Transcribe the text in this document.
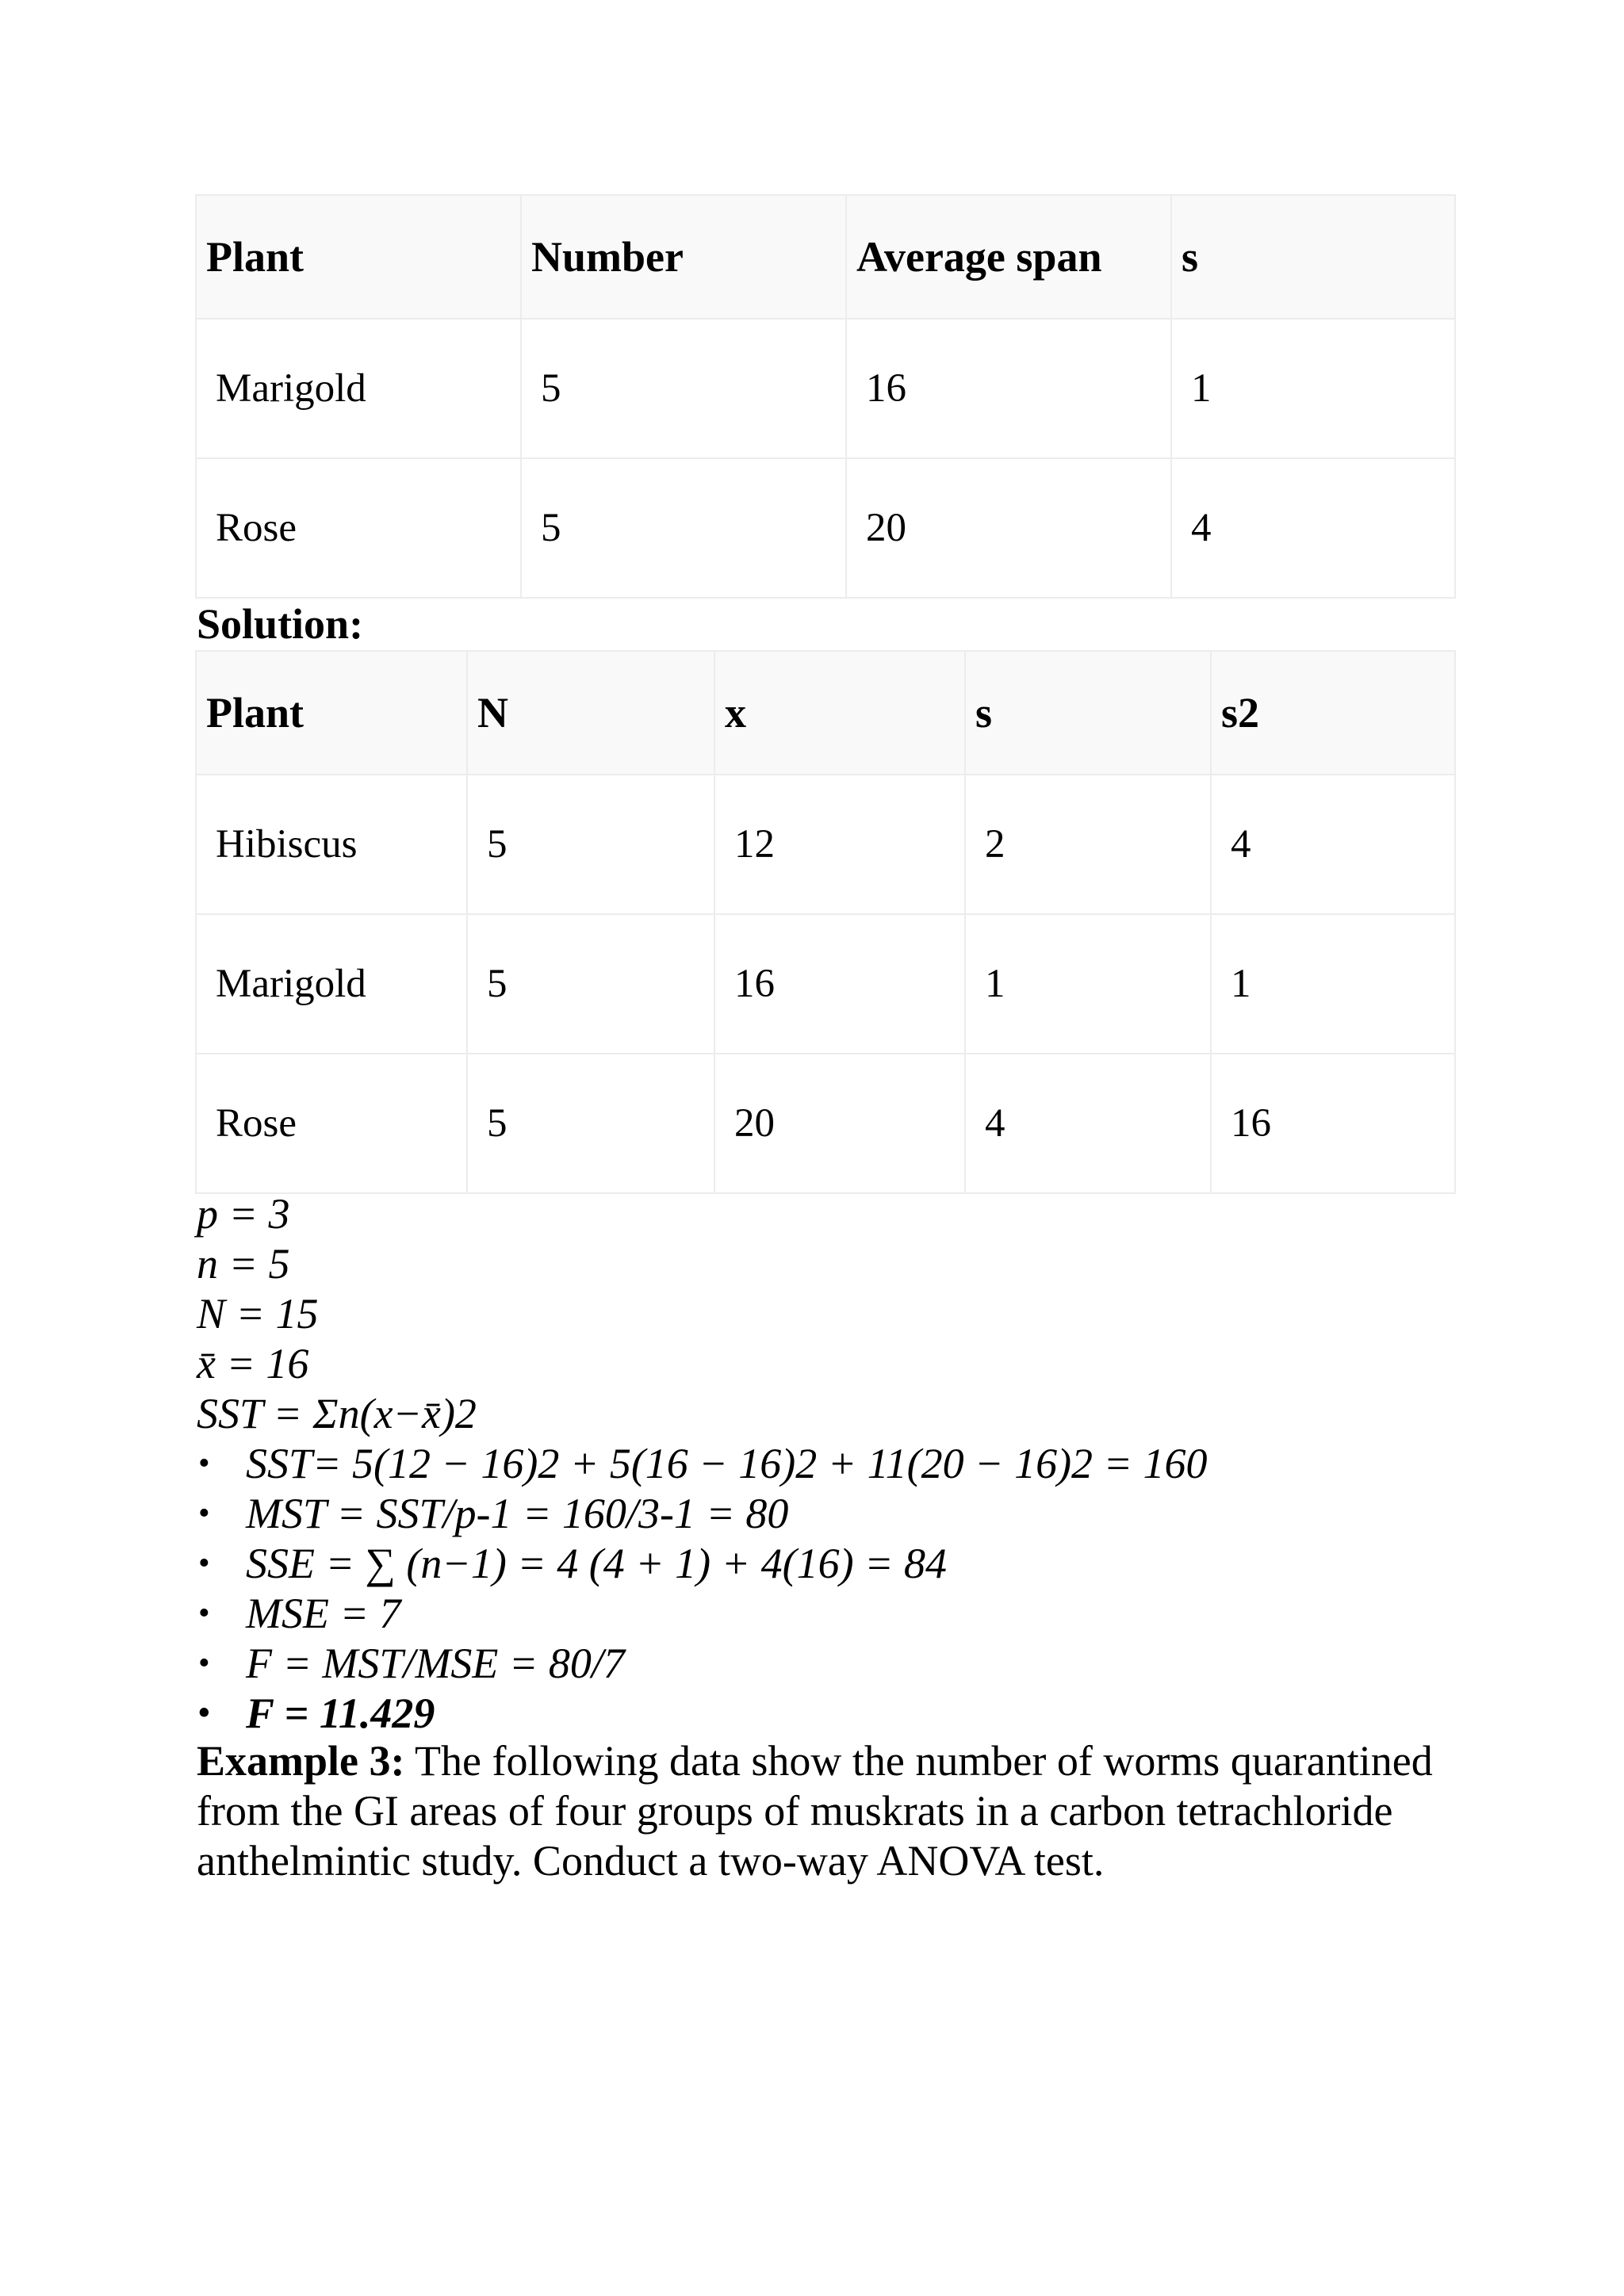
Plant	Number	Average span	s
Marigold	5	16	1
Rose	5	20	4
Solution:
Plant	N	x	s	s2
Hibiscus	5	12	2	4
Marigold	5	16	1	1
Rose	5	20	4	16
p = 3
n = 5
N = 15
x̄ = 16
SST = Σn(x−x̄)2
• SST= 5(12 − 16)2 + 5(16 − 16)2 + 11(20 − 16)2 = 160
• MST = SST/p-1 = 160/3-1 = 80
• SSE = ∑ (n−1) = 4 (4 + 1) + 4(16) = 84
• MSE = 7
• F = MST/MSE = 80/7
• F = 11.429

Example 3: The following data show the number of worms quarantined from the GI areas of four groups of muskrats in a carbon tetrachloride anthelmintic study. Conduct a two-way ANOVA test.
